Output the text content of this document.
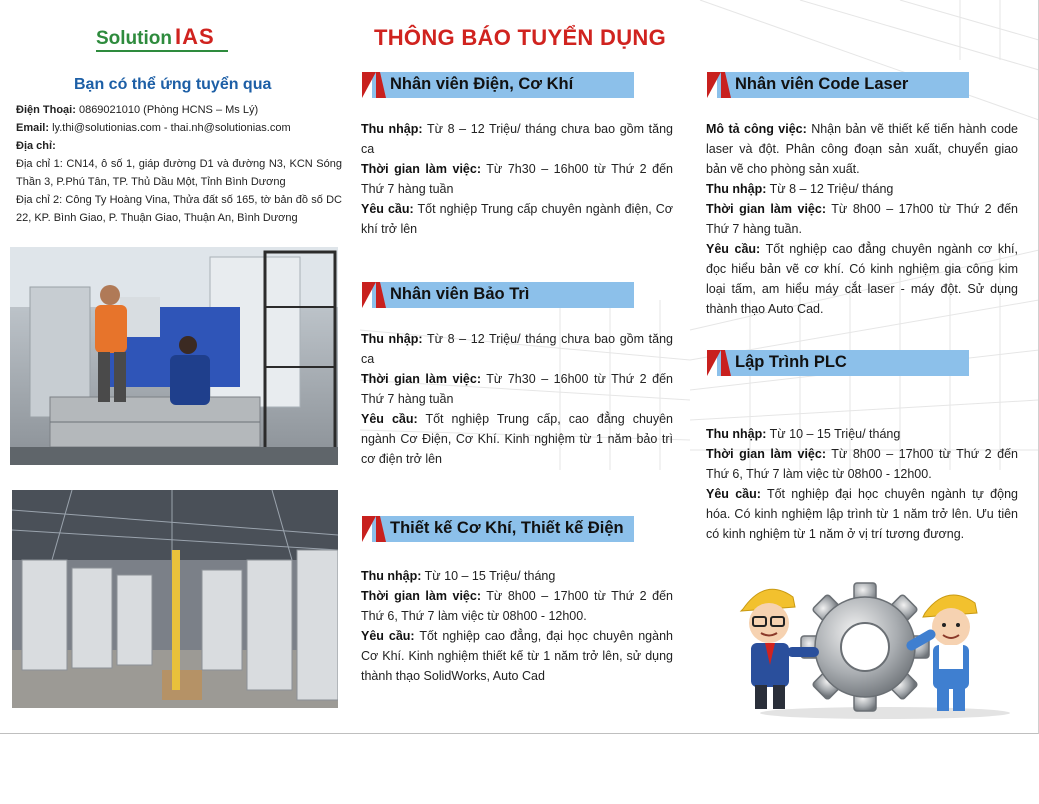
Solution IAS	THÔNG BÁO TUYỂN DỤNG
Bạn có thể ứng tuyển qua
Điện Thoại: 0869021010 (Phòng HCNS – Ms Lý)
Email: ly.thi@solutionias.com - thai.nh@solutionias.com
Địa chỉ:
Địa chỉ 1: CN14, ô số 1, giáp đường D1 và đường N3, KCN Sóng Thần 3, P.Phú Tân, TP. Thủ Dầu Một, Tỉnh Bình Dương
Địa chỉ 2: Công Ty Hoàng Vina, Thửa đất số 165, tờ bản đồ số DC 22, KP. Bình Giao, P. Thuận Giao, Thuận An, Bình Dương
Nhân viên Điện, Cơ Khí

Thu nhập: Từ 8 – 12 Triệu/ tháng chưa bao gồm tăng ca

Thời gian làm việc: Từ 7h30 – 16h00 từ Thứ 2 đến Thứ 7 hàng tuần

Yêu cầu: Tốt nghiệp Trung cấp chuyên ngành điện, Cơ khí trở lên

Nhân viên Bảo Trì

Thu nhập: Từ 8 – 12 Triệu/ tháng chưa bao gồm tăng ca

Thời gian làm việc: Từ 7h30 – 16h00 từ Thứ 2 đến Thứ 7 hàng tuần

Yêu cầu: Tốt nghiệp Trung cấp, cao đẳng chuyên ngành Cơ Điện, Cơ Khí. Kinh nghiệm từ 1 năm bảo trì cơ điện trở lên

Thiết kế Cơ Khí, Thiết kế Điện

Thu nhập: Từ 10 – 15 Triệu/ tháng

Thời gian làm việc: Từ 8h00 – 17h00 từ Thứ 2 đến Thứ 6, Thứ 7 làm việc từ 08h00 - 12h00.

Yêu cầu: Tốt nghiệp cao đẳng, đại học chuyên ngành Cơ Khí. Kinh nghiệm thiết kế từ 1 năm trở lên, sử dụng thành thạo SolidWorks, Auto Cad

Nhân viên Code Laser

Mô tả công việc: Nhận bản vẽ thiết kế tiến hành code laser và đột. Phân công đoạn sản xuất, chuyển giao bản vẽ cho phòng sản xuất.

Thu nhập: Từ 8 – 12 Triệu/ tháng

Thời gian làm việc: Từ 8h00 – 17h00 từ Thứ 2 đến Thứ 7 hàng tuần.

Yêu cầu: Tốt nghiệp cao đẳng chuyên ngành cơ khí, đọc hiểu bản vẽ cơ khí. Có kinh nghiệm gia công kim loại tấm, am hiểu máy cắt laser - máy đột. Sử dụng thành thạo Auto Cad.

Lập Trình PLC

Thu nhập: Từ 10 – 15 Triệu/ tháng

Thời gian làm việc: Từ 8h00 – 17h00 từ Thứ 2 đến Thứ 6, Thứ 7 làm việc từ 08h00 - 12h00.

Yêu cầu: Tốt nghiệp đại học chuyên ngành tự động hóa. Có kinh nghiệm lập trình từ 1 năm trở lên. Ưu tiên có kinh nghiệm từ 1 năm ở vị trí tương đương.
